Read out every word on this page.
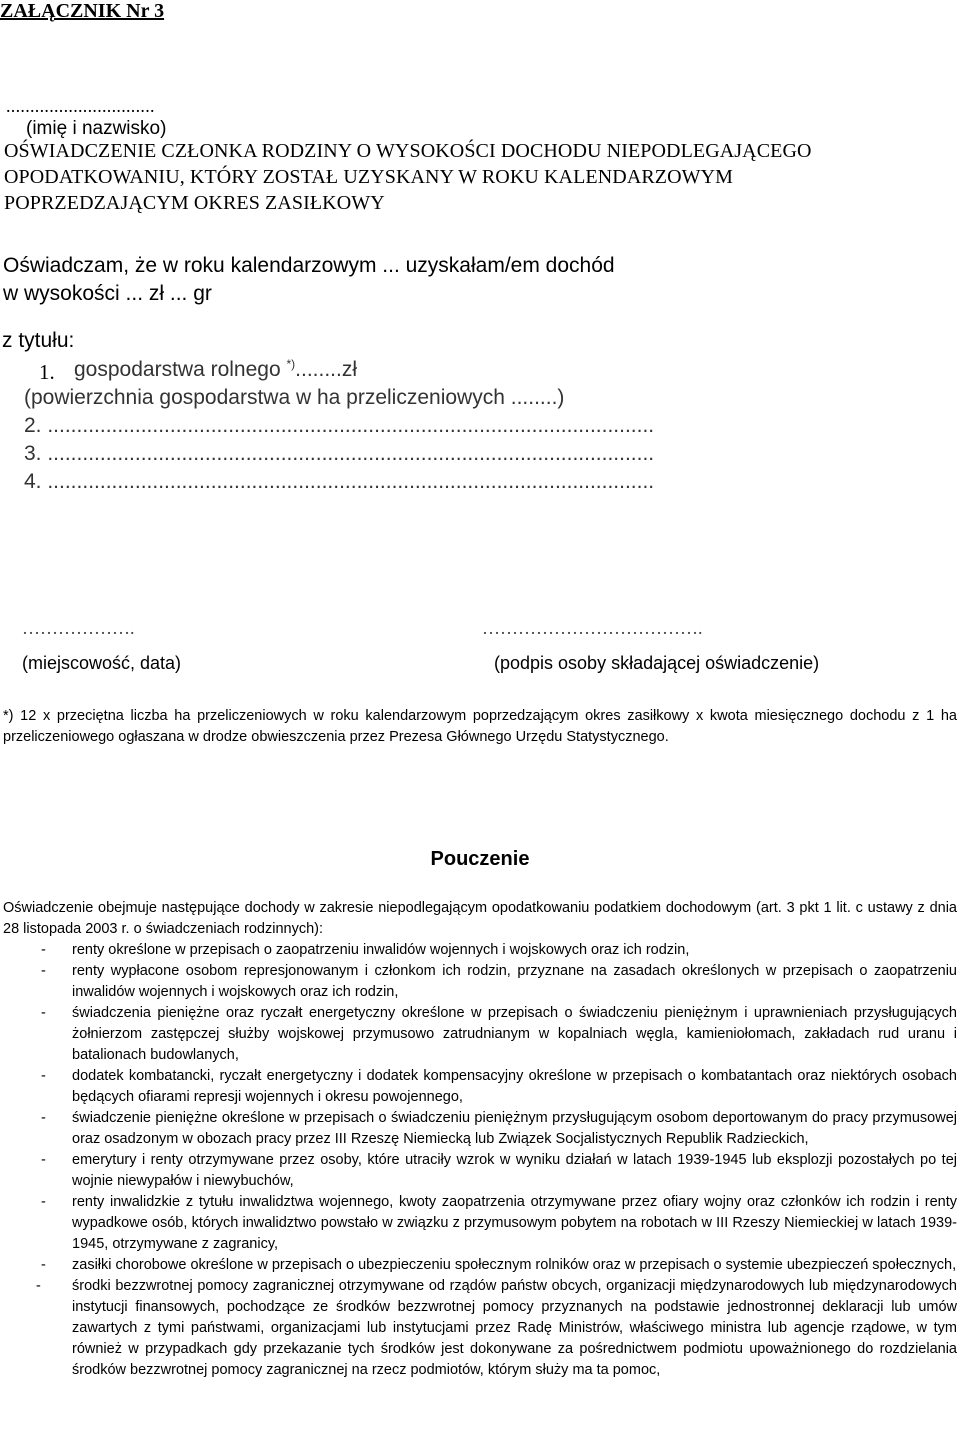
ZAŁĄCZNIK Nr 3
...............................
(imię i nazwisko)
OŚWIADCZENIE CZŁONKA RODZINY O WYSOKOŚCI DOCHODU NIEPODLEGAJĄCEGO
OPODATKOWANIU, KTÓRY ZOSTAŁ UZYSKANY W ROKU KALENDARZOWYM
POPRZEDZAJĄCYM OKRES ZASIŁKOWY
Oświadczam, że w roku kalendarzowym ... uzyskałam/em dochód
w wysokości ... zł ... gr
z tytułu:
1. gospodarstwa rolnego *)........zł
(powierzchnia gospodarstwa w ha przeliczeniowych ........)
2. ........................................................................................................
3. ........................................................................................................
4. ........................................................................................................
……………….
(miejscowość, data)
……………………………….
(podpis osoby składającej oświadczenie)
*) 12 x przeciętna liczba ha przeliczeniowych w roku kalendarzowym poprzedzającym okres zasiłkowy x kwota miesięcznego dochodu z 1 ha przeliczeniowego ogłaszana w drodze obwieszczenia przez Prezesa Głównego Urzędu Statystycznego.
Pouczenie
Oświadczenie obejmuje następujące dochody w zakresie niepodlegającym opodatkowaniu podatkiem dochodowym (art. 3 pkt 1 lit. c ustawy z dnia 28 listopada 2003 r. o świadczeniach rodzinnych):
- renty określone w przepisach o zaopatrzeniu inwalidów wojennych i wojskowych oraz ich rodzin,
- renty wypłacone osobom represjonowanym i członkom ich rodzin, przyznane na zasadach określonych w przepisach o zaopatrzeniu inwalidów wojennych i wojskowych oraz ich rodzin,
- świadczenia pieniężne oraz ryczałt energetyczny określone w przepisach o świadczeniu pieniężnym i uprawnieniach przysługujących żołnierzom zastępczej służby wojskowej przymusowo zatrudnianym w kopalniach węgla, kamieniołomach, zakładach rud uranu i batalionach budowlanych,
- dodatek kombatancki, ryczałt energetyczny i dodatek kompensacyjny określone w przepisach o kombatantach oraz niektórych osobach będących ofiarami represji wojennych i okresu powojennego,
- świadczenie pieniężne określone w przepisach o świadczeniu pieniężnym przysługującym osobom deportowanym do pracy przymusowej oraz osadzonym w obozach pracy przez III Rzeszę Niemiecką lub Związek Socjalistycznych Republik Radzieckich,
- emerytury i renty otrzymywane przez osoby, które utraciły wzrok w wyniku działań w latach 1939-1945 lub eksplozji pozostałych po tej wojnie niewypałów i niewybuchów,
- renty inwalidzkie z tytułu inwalidztwa wojennego, kwoty zaopatrzenia otrzymywane przez ofiary wojny oraz członków ich rodzin i renty wypadkowe osób, których inwalidztwo powstało w związku z przymusowym pobytem na robotach w III Rzeszy Niemieckiej w latach 1939-1945, otrzymywane z zagranicy,
- zasiłki chorobowe określone w przepisach o ubezpieczeniu społecznym rolników oraz w przepisach o systemie ubezpieczeń społecznych,
- środki bezzwrotnej pomocy zagranicznej otrzymywane od rządów państw obcych, organizacji międzynarodowych lub międzynarodowych instytucji finansowych, pochodzące ze środków bezzwrotnej pomocy przyznanych na podstawie jednostronnej deklaracji lub umów zawartych z tymi państwami, organizacjami lub instytucjami przez Radę Ministrów, właściwego ministra lub agencje rządowe, w tym również w przypadkach gdy przekazanie tych środków jest dokonywane za pośrednictwem podmiotu upoważnionego do rozdzielania środków bezzwrotnej pomocy zagranicznej na rzecz podmiotów, którym służy ma ta pomoc,
